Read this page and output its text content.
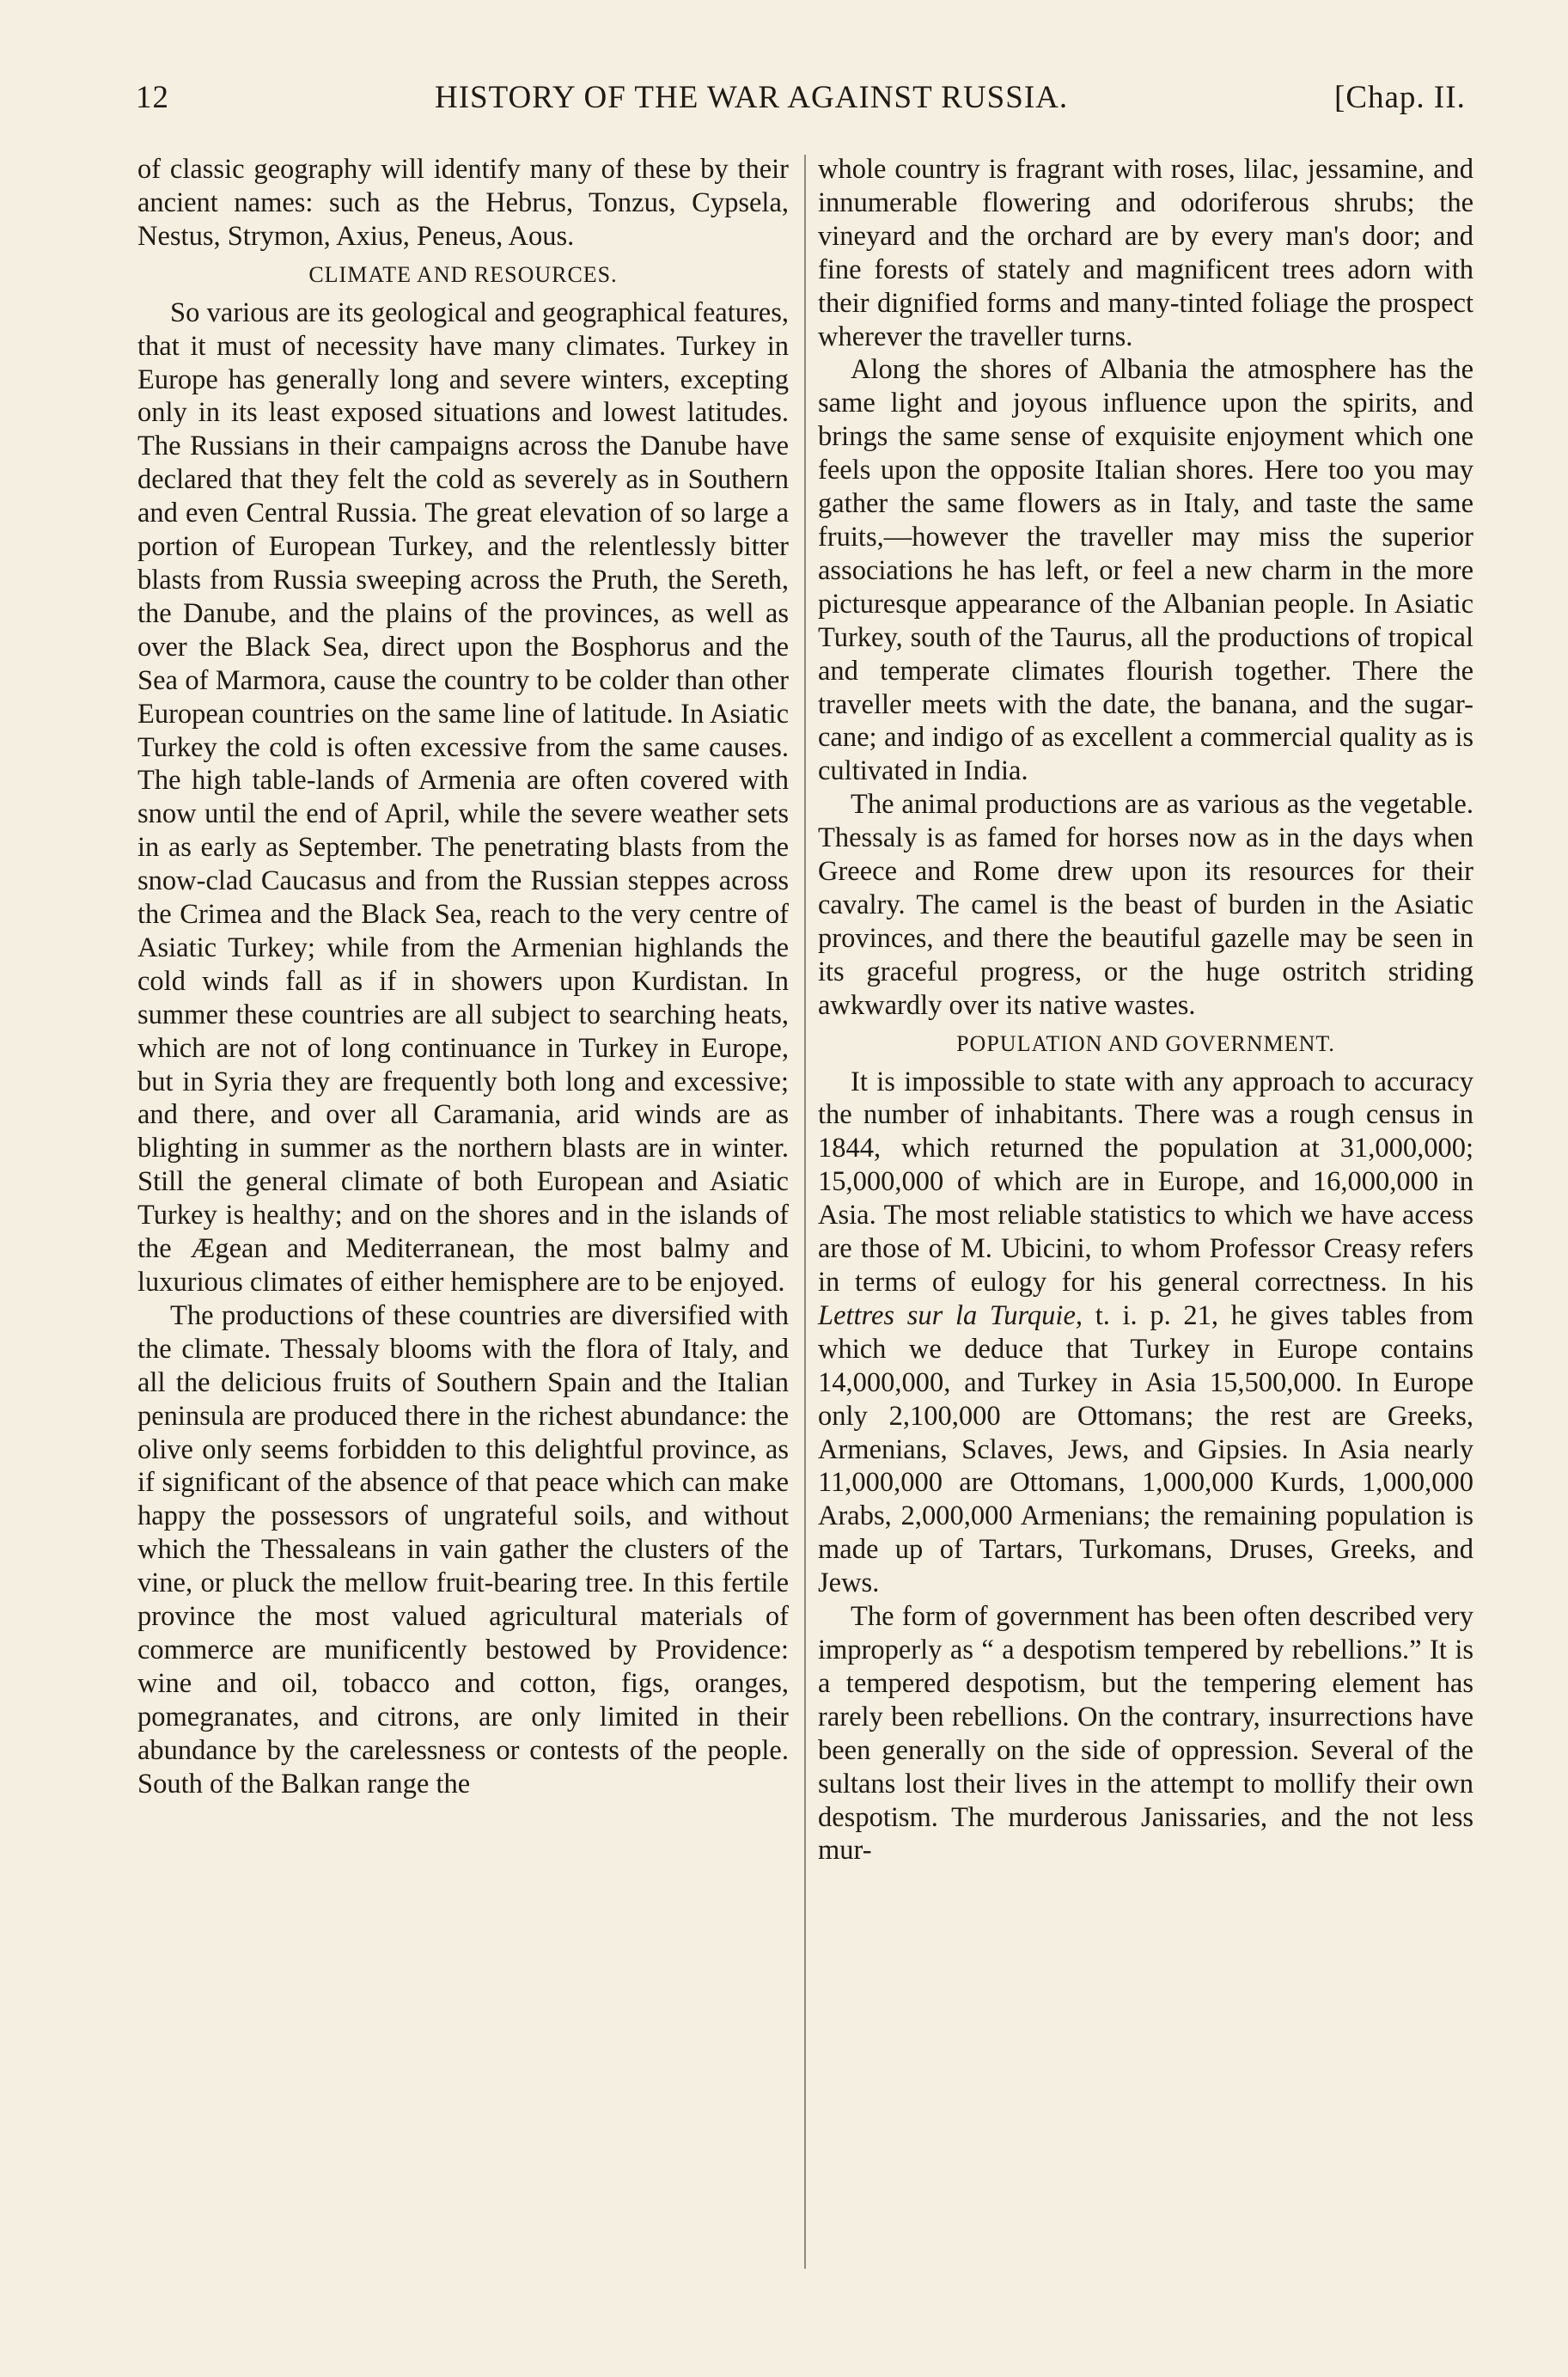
12	HISTORY OF THE WAR AGAINST RUSSIA.	[Chap. II.

of classic geography will identify many of these by their ancient names: such as the Hebrus, Tonzus, Cypsela, Nestus, Strymon, Axius, Peneus, Aous.

CLIMATE AND RESOURCES.

So various are its geological and geographical features, that it must of necessity have many climates. Turkey in Europe has generally long and severe winters, excepting only in its least exposed situations and lowest latitudes. The Russians in their campaigns across the Danube have declared that they felt the cold as severely as in Southern and even Central Russia. The great elevation of so large a portion of European Turkey, and the relentlessly bitter blasts from Russia sweeping across the Pruth, the Sereth, the Danube, and the plains of the provinces, as well as over the Black Sea, direct upon the Bosphorus and the Sea of Marmora, cause the country to be colder than other European countries on the same line of latitude. In Asiatic Turkey the cold is often excessive from the same causes. The high table-lands of Armenia are often covered with snow until the end of April, while the severe weather sets in as early as September. The penetrating blasts from the snow-clad Caucasus and from the Russian steppes across the Crimea and the Black Sea, reach to the very centre of Asiatic Turkey; while from the Armenian highlands the cold winds fall as if in showers upon Kurdistan. In summer these countries are all subject to searching heats, which are not of long continuance in Turkey in Europe, but in Syria they are frequently both long and excessive; and there, and over all Caramania, arid winds are as blighting in summer as the northern blasts are in winter. Still the general climate of both European and Asiatic Turkey is healthy; and on the shores and in the islands of the Ægean and Mediterranean, the most balmy and luxurious climates of either hemisphere are to be enjoyed.

The productions of these countries are diversified with the climate. Thessaly blooms with the flora of Italy, and all the delicious fruits of Southern Spain and the Italian peninsula are produced there in the richest abundance: the olive only seems forbidden to this delightful province, as if significant of the absence of that peace which can make happy the possessors of ungrateful soils, and without which the Thessaleans in vain gather the clusters of the vine, or pluck the mellow fruit-bearing tree. In this fertile province the most valued agricultural materials of commerce are munificently bestowed by Providence: wine and oil, tobacco and cotton, figs, oranges, pomegranates, and citrons, are only limited in their abundance by the carelessness or contests of the people. South of the Balkan range the

whole country is fragrant with roses, lilac, jessamine, and innumerable flowering and odoriferous shrubs; the vineyard and the orchard are by every man's door; and fine forests of stately and magnificent trees adorn with their dignified forms and many-tinted foliage the prospect wherever the traveller turns.

Along the shores of Albania the atmosphere has the same light and joyous influence upon the spirits, and brings the same sense of exquisite enjoyment which one feels upon the opposite Italian shores. Here too you may gather the same flowers as in Italy, and taste the same fruits,—however the traveller may miss the superior associations he has left, or feel a new charm in the more picturesque appearance of the Albanian people. In Asiatic Turkey, south of the Taurus, all the productions of tropical and temperate climates flourish together. There the traveller meets with the date, the banana, and the sugar-cane; and indigo of as excellent a commercial quality as is cultivated in India.

The animal productions are as various as the vegetable. Thessaly is as famed for horses now as in the days when Greece and Rome drew upon its resources for their cavalry. The camel is the beast of burden in the Asiatic provinces, and there the beautiful gazelle may be seen in its graceful progress, or the huge ostritch striding awkwardly over its native wastes.

POPULATION AND GOVERNMENT.

It is impossible to state with any approach to accuracy the number of inhabitants. There was a rough census in 1844, which returned the population at 31,000,000; 15,000,000 of which are in Europe, and 16,000,000 in Asia. The most reliable statistics to which we have access are those of M. Ubicini, to whom Professor Creasy refers in terms of eulogy for his general correctness. In his Lettres sur la Turquie, t. i. p. 21, he gives tables from which we deduce that Turkey in Europe contains 14,000,000, and Turkey in Asia 15,500,000. In Europe only 2,100,000 are Ottomans; the rest are Greeks, Armenians, Sclaves, Jews, and Gipsies. In Asia nearly 11,000,000 are Ottomans, 1,000,000 Kurds, 1,000,000 Arabs, 2,000,000 Armenians; the remaining population is made up of Tartars, Turkomans, Druses, Greeks, and Jews.

The form of government has been often described very improperly as “ a despotism tempered by rebellions.” It is a tempered despotism, but the tempering element has rarely been rebellions. On the contrary, insurrections have been generally on the side of oppression. Several of the sultans lost their lives in the attempt to mollify their own despotism. The murderous Janissaries, and the not less mur-
